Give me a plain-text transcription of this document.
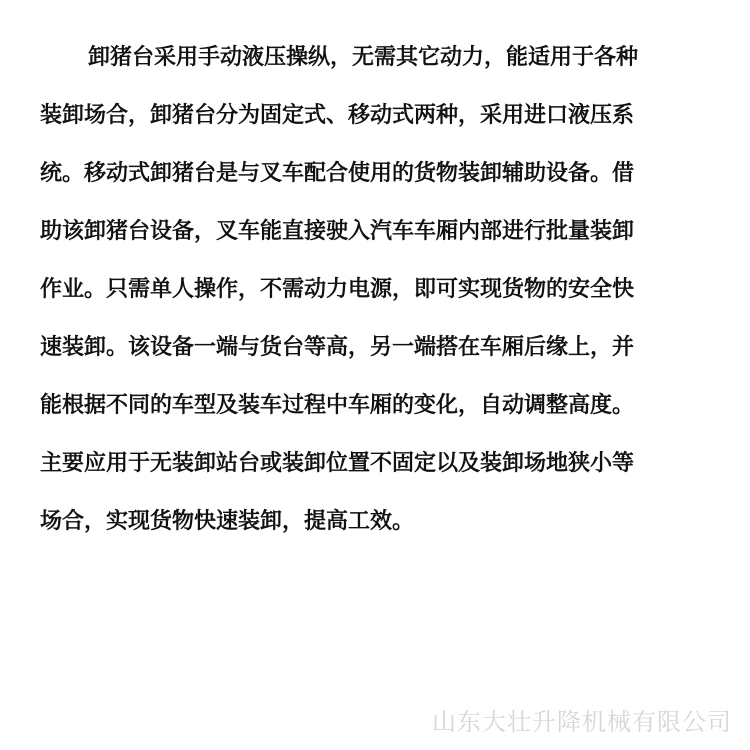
卸猪台采用手动液压操纵，无需其它动力，能适用于各种
装卸场合，卸猪台分为固定式、移动式两种，采用进口液压系
统。移动式卸猪台是与叉车配合使用的货物装卸辅助设备。借
助该卸猪台设备，叉车能直接驶入汽车车厢内部进行批量装卸
作业。只需单人操作，不需动力电源，即可实现货物的安全快
速装卸。该设备一端与货台等高，另一端搭在车厢后缘上，并
能根据不同的车型及装车过程中车厢的变化，自动调整高度。
主要应用于无装卸站台或装卸位置不固定以及装卸场地狭小等
场合，实现货物快速装卸，提高工效。
山东大壮升降机械有限公司
